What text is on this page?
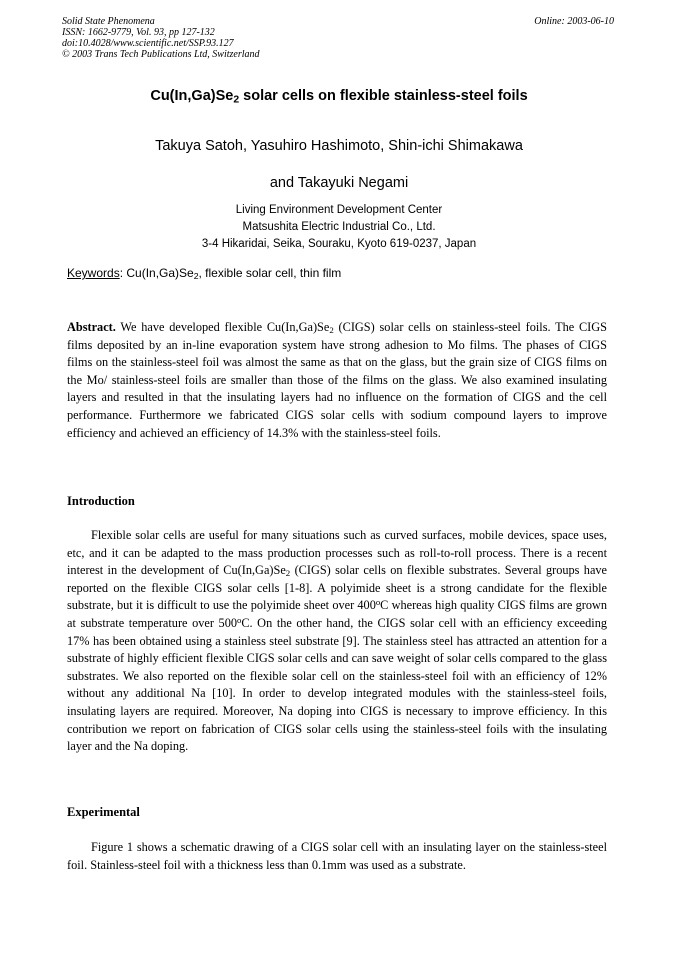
Solid State Phenomena
ISSN: 1662-9779, Vol. 93, pp 127-132
doi:10.4028/www.scientific.net/SSP.93.127
© 2003 Trans Tech Publications Ltd, Switzerland
Online: 2003-06-10
$Cu(In,Ga)Se_2$ solar cells on flexible stainless-steel foils
Takuya Satoh, Yasuhiro Hashimoto, Shin-ichi Shimakawa
and Takayuki Negami
Living Environment Development Center
Matsushita Electric Industrial Co., Ltd.
3-4 Hikaridai, Seika, Souraku, Kyoto 619-0237, Japan
Keywords: $Cu(In,Ga)Se_2$, flexible solar cell, thin film
Abstract. We have developed flexible $Cu(In,Ga)Se_2$ (CIGS) solar cells on stainless-steel foils. The CIGS films deposited by an in-line evaporation system have strong adhesion to Mo films. The phases of CIGS films on the stainless-steel foil was almost the same as that on the glass, but the grain size of CIGS films on the Mo/ stainless-steel foils are smaller than those of the films on the glass. We also examined insulating layers and resulted in that the insulating layers had no influence on the formation of CIGS and the cell performance. Furthermore we fabricated CIGS solar cells with sodium compound layers to improve efficiency and achieved an efficiency of 14.3% with the stainless-steel foils.
Introduction
Flexible solar cells are useful for many situations such as curved surfaces, mobile devices, space uses, etc, and it can be adapted to the mass production processes such as roll-to-roll process. There is a recent interest in the development of $Cu(In,Ga)Se_2$ (CIGS) solar cells on flexible substrates. Several groups have reported on the flexible CIGS solar cells [1-8]. A polyimide sheet is a strong candidate for the flexible substrate, but it is difficult to use the polyimide sheet over 400$^o$C whereas high quality CIGS films are grown at substrate temperature over 500$^o$C. On the other hand, the CIGS solar cell with an efficiency exceeding 17% has been obtained using a stainless steel substrate [9]. The stainless steel has attracted an attention for a substrate of highly efficient flexible CIGS solar cells and can save weight of solar cells compared to the glass substrates. We also reported on the flexible solar cell on the stainless-steel foil with an efficiency of 12% without any additional Na [10]. In order to develop integrated modules with the stainless-steel foils, insulating layers are required. Moreover, Na doping into CIGS is necessary to improve efficiency. In this contribution we report on fabrication of CIGS solar cells using the stainless-steel foils with the insulating layer and the Na doping.
Experimental
Figure 1 shows a schematic drawing of a CIGS solar cell with an insulating layer on the stainless-steel foil. Stainless-steel foil with a thickness less than 0.1mm was used as a substrate.
